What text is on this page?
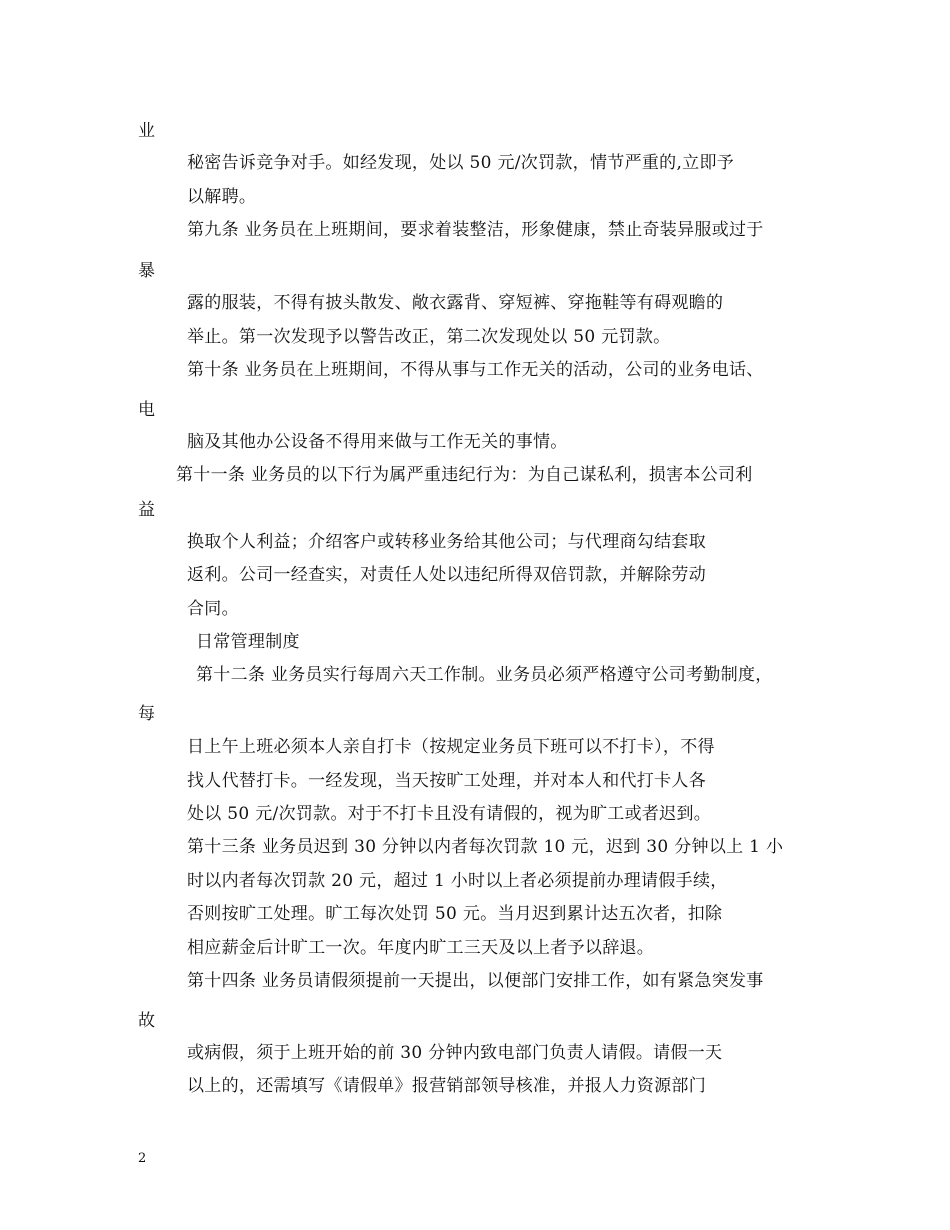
业
秘密告诉竞争对手。如经发现，处以 50 元/次罚款，情节严重的,立即予
以解聘。
第九条 业务员在上班期间，要求着装整洁，形象健康，禁止奇装异服或过于
暴
露的服装，不得有披头散发、敞衣露背、穿短裤、穿拖鞋等有碍观瞻的
举止。第一次发现予以警告改正，第二次发现处以 50 元罚款。
第十条 业务员在上班期间，不得从事与工作无关的活动，公司的业务电话、
电
脑及其他办公设备不得用来做与工作无关的事情。
第十一条 业务员的以下行为属严重违纪行为：为自己谋私利，损害本公司利
益
换取个人利益；介绍客户或转移业务给其他公司；与代理商勾结套取
返利。公司一经查实，对责任人处以违纪所得双倍罚款，并解除劳动
合同。
日常管理制度
第十二条 业务员实行每周六天工作制。业务员必须严格遵守公司考勤制度，
每
日上午上班必须本人亲自打卡（按规定业务员下班可以不打卡），不得
找人代替打卡。一经发现，当天按旷工处理，并对本人和代打卡人各
处以 50 元/次罚款。对于不打卡且没有请假的，视为旷工或者迟到。
第十三条 业务员迟到 30 分钟以内者每次罚款 10 元，迟到 30 分钟以上 1 小
时以内者每次罚款 20 元，超过 1 小时以上者必须提前办理请假手续，
否则按旷工处理。旷工每次处罚 50 元。当月迟到累计达五次者，扣除
相应薪金后计旷工一次。年度内旷工三天及以上者予以辞退。
第十四条 业务员请假须提前一天提出，以便部门安排工作，如有紧急突发事
故
或病假，须于上班开始的前 30 分钟内致电部门负责人请假。请假一天
以上的，还需填写《请假单》报营销部领导核准，并报人力资源部门
2
